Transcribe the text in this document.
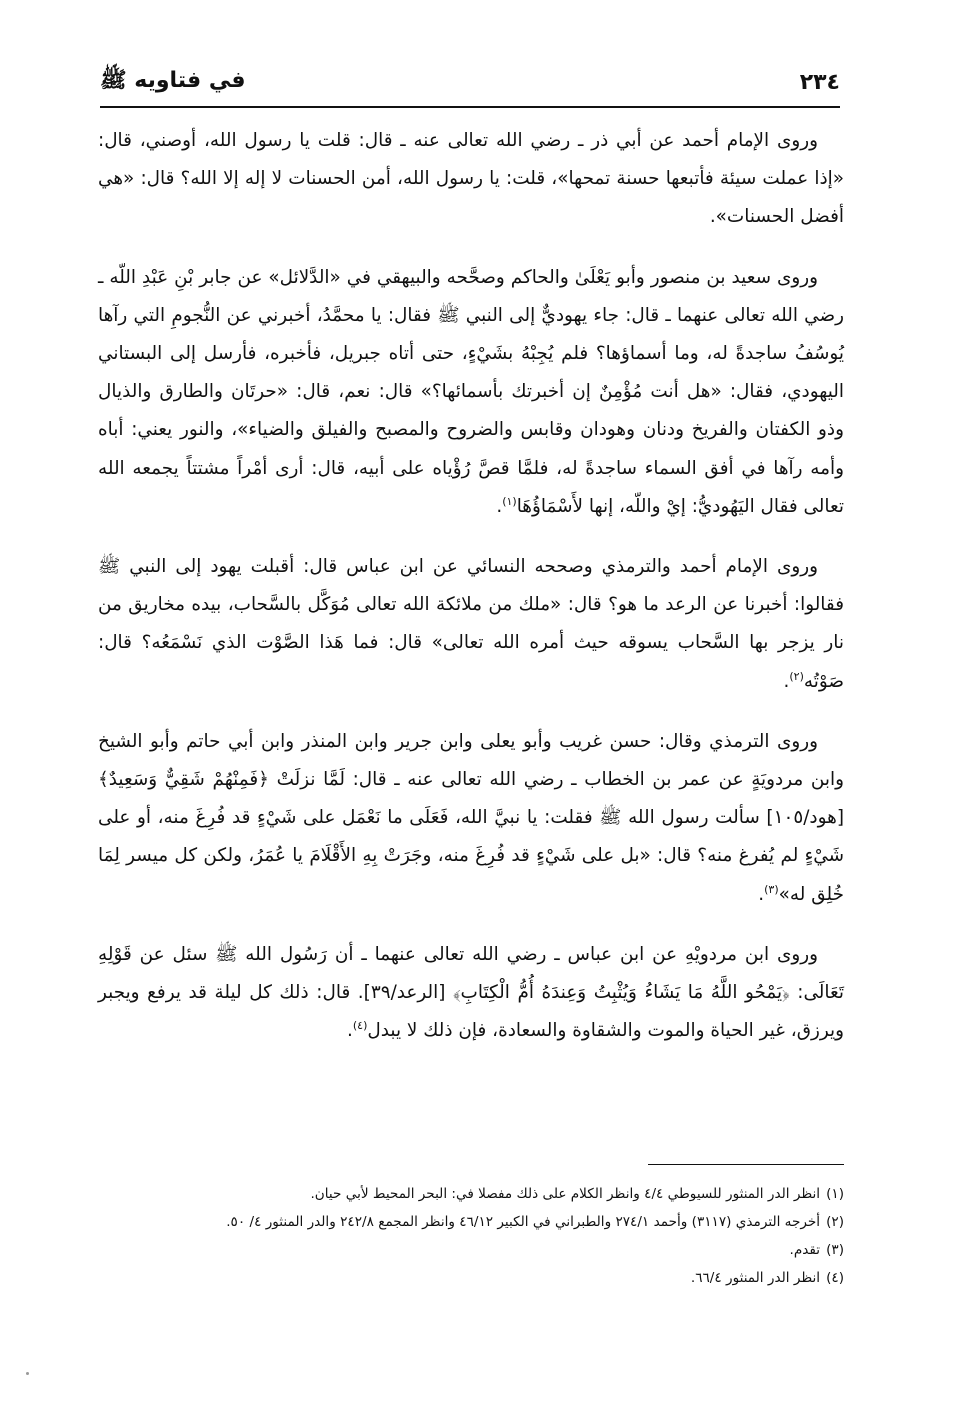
٢٣٤
في فتاويه ﷺ

وروى الإمام أحمد عن أبي ذر ـ رضي الله تعالى عنه ـ قال: قلت يا رسول الله، أوصني، قال: «إذا عملت سيئة فأتبعها حسنة تمحها»، قلت: يا رسول الله، أمن الحسنات لا إله إلا الله؟ قال: «هي أفضل الحسنات».

وروى سعيد بن منصور وأبو يَعْلَىٰ والحاكم وصحَّحه والبيهقي في «الدَّلائل» عن جابر بْنِ عَبْدِ اللّه ـ رضي الله تعالى عنهما ـ قال: جاء يهوديٌّ إلى النبي ﷺ فقال: يا محمَّدُ، أخبرني عن النُّجومِ التي رآها يُوسُفُ ساجدةً له، وما أسماؤها؟ فلم يُجِبْهُ بشَيْءٍ، حتى أتاه جبريل، فأخبره، فأرسل إلى البستاني اليهودي، فقال: «هل أنت مُؤْمِنٌ إن أخبرتك بأسمائها؟» قال: نعم، قال: «حرتَان والطارق والذيال وذو الكفتان والفريخ ودنان وهودان وقابس والضروح والمصبح والفيلق والضياء»، والنور يعني: أباه وأمه رآها في أفق السماء ساجدةً له، فلمَّا قصَّ رُؤْياه على أبيه، قال: أرى أمْراً مشتتاً يجمعه الله تعالى فقال اليَهُوديُّ: إيْ واللّه، إنها لأَسْمَاؤُهَا$^{(١)}$.

وروى الإمام أحمد والترمذي وصححه النسائي عن ابن عباس قال: أقبلت يهود إلى النبي ﷺ فقالوا: أخبرنا عن الرعد ما هو؟ قال: «ملك من ملائكة الله تعالى مُوَكَّل بالسَّحاب، بيده مخاريق من نار يزجر بها السَّحاب يسوقه حيث أمره الله تعالى» قال: فما هَذا الصَّوْت الذي نَسْمَعُه؟ قال: صَوْتُه$^{(٢)}$.

وروى الترمذي وقال: حسن غريب وأبو يعلى وابن جرير وابن المنذر وابن أبي حاتم وأبو الشيخ وابن مردويَةٍ عن عمر بن الخطاب ـ رضي الله تعالى عنه ـ قال: لَمَّا نزلَتْ ﴿فَمِنْهُمْ شَقِيٌّ وَسَعِيدٌ﴾ [هود/١٠٥] سألت رسول الله ﷺ فقلت: يا نبيَّ الله، فَعَلَى ما نَعْمَل على شَيْءٍ قد فُرِغَ منه، أو على شَيْءٍ لم يُفرغ منه؟ قال: «بل على شَيْءٍ قد فُرِغَ منه، وجَرَتْ بِهِ الأَقْلَامَ يا عُمَرُ، ولكن كل ميسر لِمَا خُلِق له»$^{(٣)}$.

وروى ابن مردويْهِ عن ابن عباس ـ رضي الله تعالى عنهما ـ أن رَسُول الله ﷺ سئل عن قَوْلِهِ تَعَالَى: ﴿يَمْحُو اللَّهُ مَا يَشَاءُ وَيُثْبِتُ وَعِندَهُ أُمُّ الْكِتَابِ﴾ [الرعد/٣٩]. قال: ذلك كل ليلة قد يرفع ويجبر ويرزق، غير الحياة والموت والشقاوة والسعادة، فإن ذلك لا يبدل$^{(٤)}$.

(١)انظر الدر المنثور للسيوطي ٤/٤ وانظر الكلام على ذلك مفصلا في: البحر المحيط لأبي حيان.

(٢)أخرجه الترمذي (٣١١٧) وأحمد ٢٧٤/١ والطبراني في الكبير ٤٦/١٢ وانظر المجمع ٢٤٢/٨ والدر المنثور ٤/ ٥٠.

(٣)تقدم.

(٤)انظر الدر المنثور ٦٦/٤.
